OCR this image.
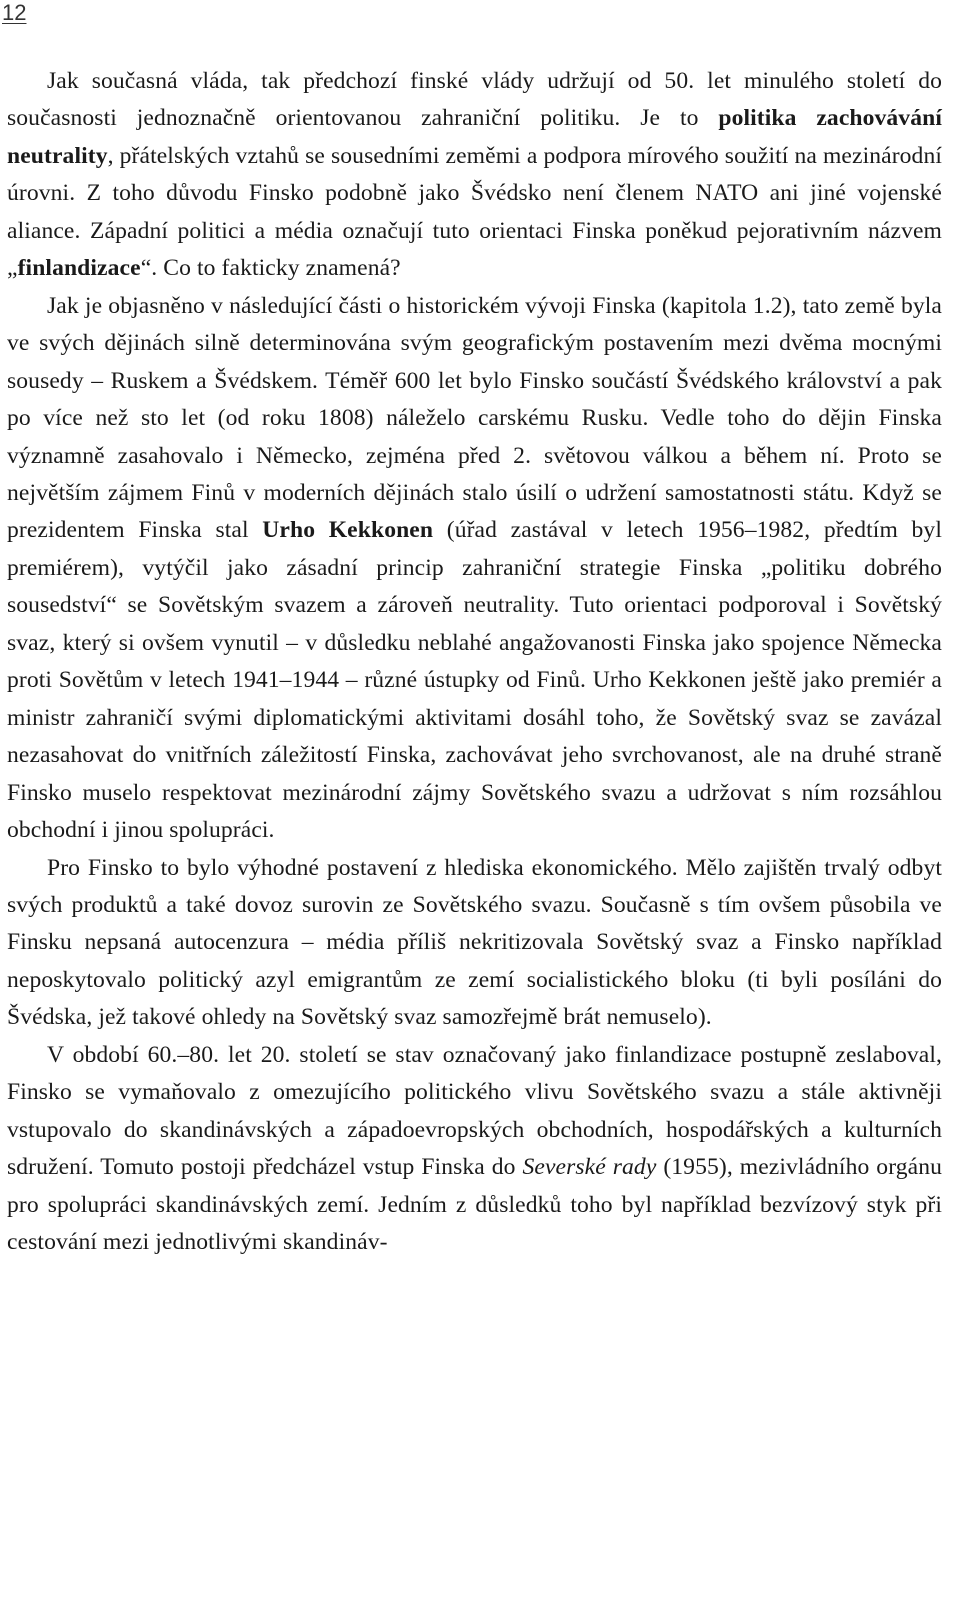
12

Jak současná vláda, tak předchozí finské vlády udržují od 50. let minulého století do současnosti jednoznačně orientovanou zahraniční politiku. Je to politika zachovávání neutrality, přátelských vztahů se sousedními zeměmi a podpora mírového soužití na mezinárodní úrovni. Z toho důvodu Finsko podobně jako Švédsko není členem NATO ani jiné vojenské aliance. Západní politici a média označují tuto orientaci Finska poněkud pejorativním názvem „finlandizace“. Co to fakticky znamená?

Jak je objasněno v následující části o historickém vývoji Finska (kapitola 1.2), tato země byla ve svých dějinách silně determinována svým geografickým postavením mezi dvěma mocnými sousedy – Ruskem a Švédskem. Téměř 600 let bylo Finsko součástí Švédského království a pak po více než sto let (od roku 1808) náleželo carskému Rusku. Vedle toho do dějin Finska významně zasahovalo i Německo, zejména před 2. světovou válkou a během ní. Proto se největším zájmem Finů v moderních dějinách stalo úsilí o udržení samostatnosti státu. Když se prezidentem Finska stal Urho Kekkonen (úřad zastával v letech 1956–1982, předtím byl premiérem), vytýčil jako zásadní princip zahraniční strategie Finska „politiku dobrého sousedství“ se Sovětským svazem a zároveň neutrality. Tuto orientaci podporoval i Sovětský svaz, který si ovšem vynutil – v důsledku neblahé angažovanosti Finska jako spojence Německa proti Sovětům v letech 1941–1944 – různé ústupky od Finů. Urho Kekkonen ještě jako premiér a ministr zahraničí svými diplomatickými aktivitami dosáhl toho, že Sovětský svaz se zavázal nezasahovat do vnitřních záležitostí Finska, zachovávat jeho svrchovanost, ale na druhé straně Finsko muselo respektovat mezinárodní zájmy Sovětského svazu a udržovat s ním rozsáhlou obchodní i jinou spolupráci.

Pro Finsko to bylo výhodné postavení z hlediska ekonomického. Mělo zajištěn trvalý odbyt svých produktů a také dovoz surovin ze Sovětského svazu. Současně s tím ovšem působila ve Finsku nepsaná autocenzura – média příliš nekritizovala Sovětský svaz a Finsko například neposkytovalo politický azyl emigrantům ze zemí socialistického bloku (ti byli posíláni do Švédska, jež takové ohledy na Sovětský svaz samozřejmě brát nemuselo).

V období 60.–80. let 20. století se stav označovaný jako finlandizace postupně zeslaboval, Finsko se vymaňovalo z omezujícího politického vlivu Sovětského svazu a stále aktivněji vstupovalo do skandinávských a západoevropských obchodních, hospodářských a kulturních sdružení. Tomuto postoji předcházel vstup Finska do Severské rady (1955), mezivládního orgánu pro spolupráci skandinávských zemí. Jedním z důsledků toho byl například bezvízový styk při cestování mezi jednotlivými skandináv-
